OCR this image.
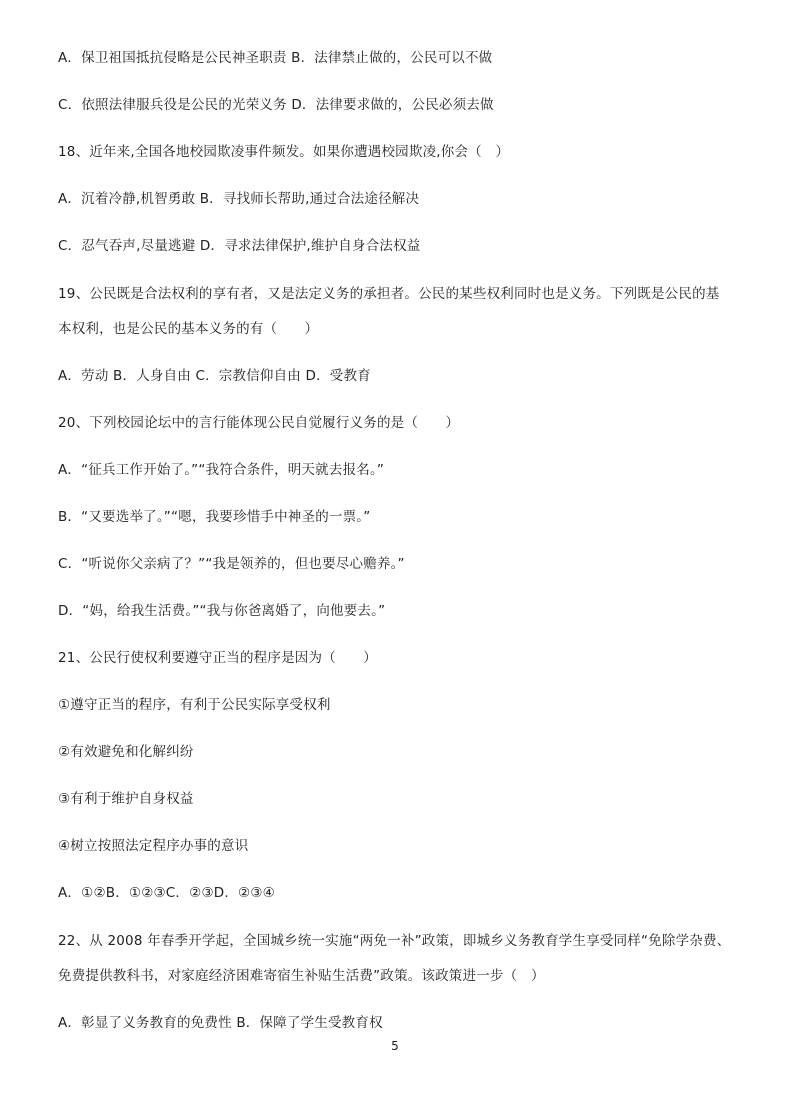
A．保卫祖国抵抗侵略是公民神圣职责 B．法律禁止做的，公民可以不做
C．依照法律服兵役是公民的光荣义务 D．法律要求做的，公民必须去做
18、近年来,全国各地校园欺凌事件频发。如果你遭遇校园欺凌,你会（　）
A．沉着冷静,机智勇敢 B．寻找师长帮助,通过合法途径解决
C．忍气吞声,尽量逃避 D．寻求法律保护,维护自身合法权益
19、公民既是合法权利的享有者，又是法定义务的承担者。公民的某些权利同时也是义务。下列既是公民的基
本权利，也是公民的基本义务的有（　　）
A．劳动 B．人身自由 C．宗教信仰自由 D．受教育
20、下列校园论坛中的言行能体现公民自觉履行义务的是（　　）
A．“征兵工作开始了。”“我符合条件，明天就去报名。”
B．“又要选举了。”“嗯，我要珍惜手中神圣的一票。”
C．“听说你父亲病了？”“我是领养的，但也要尽心赡养。”
D．“妈，给我生活费。”“我与你爸离婚了，向他要去。”
21、公民行使权利要遵守正当的程序是因为（　　）
①遵守正当的程序，有利于公民实际享受权利
②有效避免和化解纠纷
③有利于维护自身权益
④树立按照法定程序办事的意识
A．①②B．①②③C．②③D．②③④
22、从 2008 年春季开学起，全国城乡统一实施“两免一补”政策，即城乡义务教育学生享受同样“免除学杂费、
免费提供教科书，对家庭经济困难寄宿生补贴生活费”政策。该政策进一步（　）
A．彰显了义务教育的免费性 B．保障了学生受教育权
5
